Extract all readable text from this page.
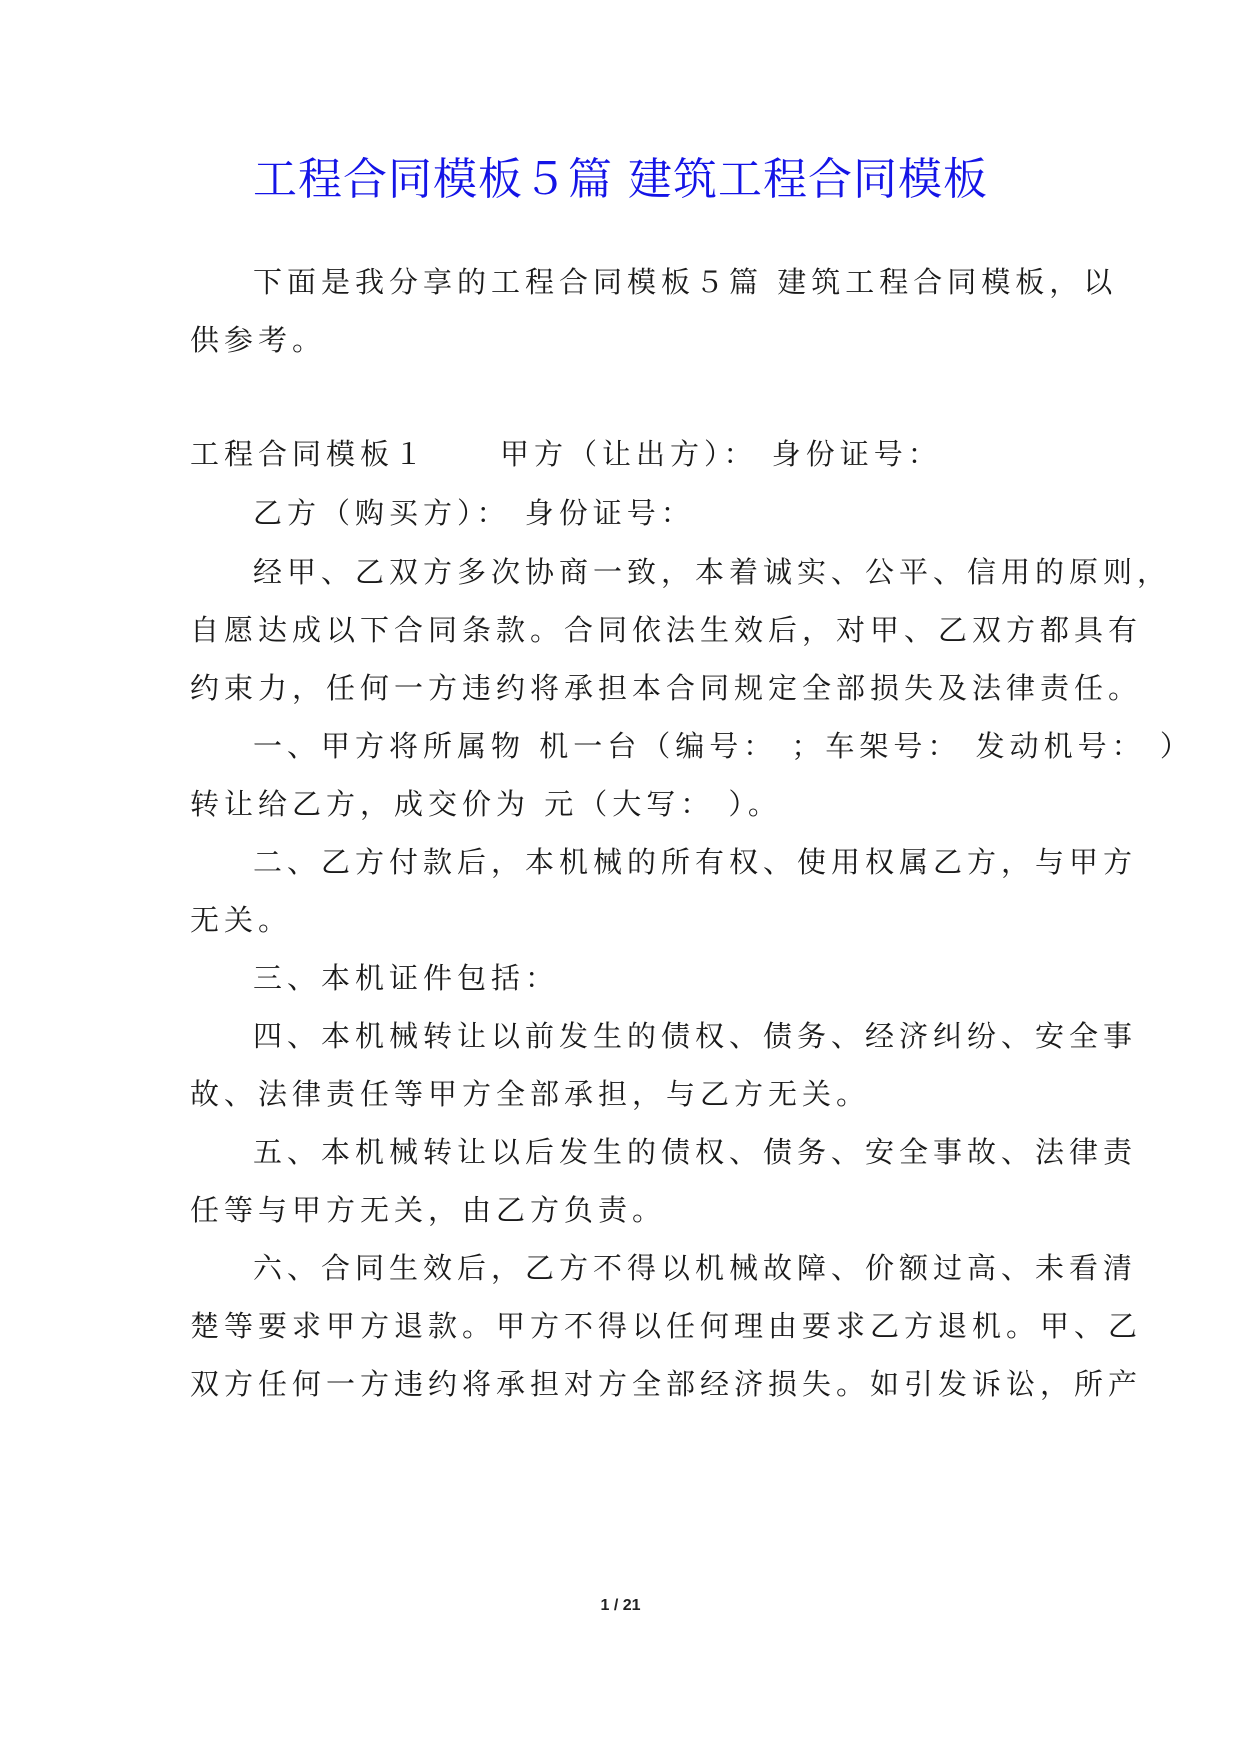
工程合同模板５篇 建筑工程合同模板
下面是我分享的工程合同模板５篇 建筑工程合同模板，以
供参考。
工程合同模板１ 甲方（让出方）： 身份证号：
乙方（购买方）： 身份证号：
经甲、乙双方多次协商一致，本着诚实、公平、信用的原则，
自愿达成以下合同条款。合同依法生效后，对甲、乙双方都具有
约束力，任何一方违约将承担本合同规定全部损失及法律责任。
一、甲方将所属物 机一台（编号： ；车架号： 发动机号： ）
转让给乙方，成交价为 元（大写： ）。
二、乙方付款后，本机械的所有权、使用权属乙方，与甲方
无关。
三、本机证件包括：
四、本机械转让以前发生的债权、债务、经济纠纷、安全事
故、法律责任等甲方全部承担，与乙方无关。
五、本机械转让以后发生的债权、债务、安全事故、法律责
任等与甲方无关，由乙方负责。
六、合同生效后，乙方不得以机械故障、价额过高、未看清
楚等要求甲方退款。甲方不得以任何理由要求乙方退机。甲、乙
双方任何一方违约将承担对方全部经济损失。如引发诉讼，所产
1 / 21
